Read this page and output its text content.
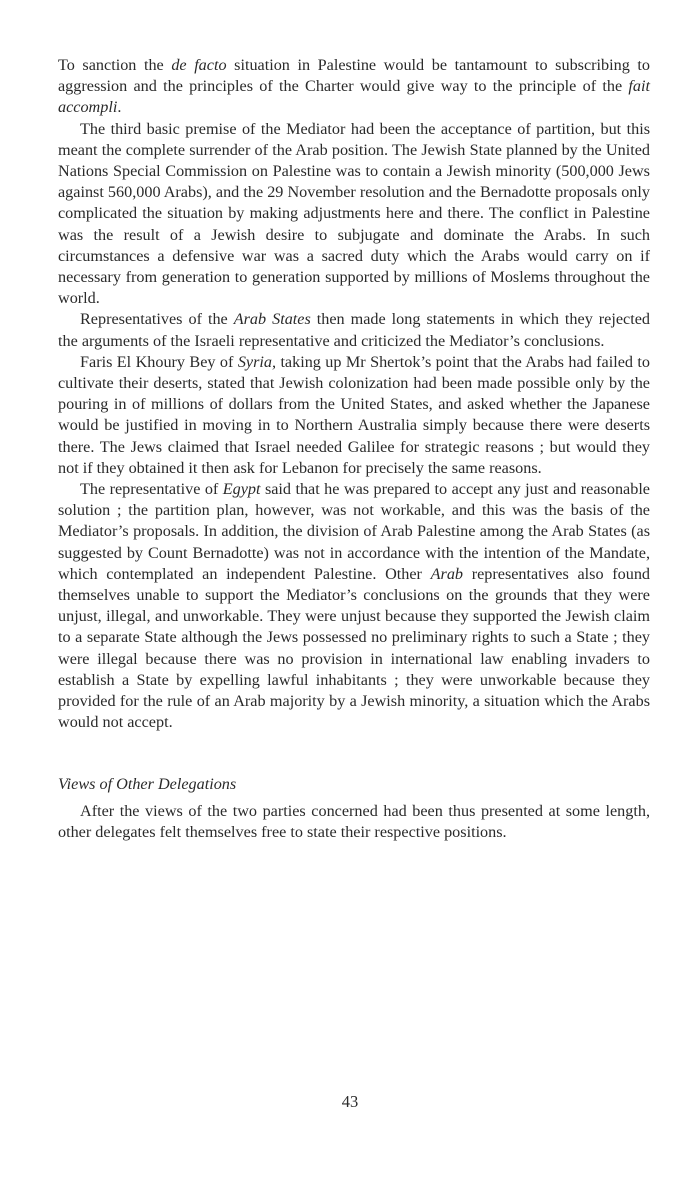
To sanction the de facto situation in Palestine would be tantamount to subscribing to aggression and the principles of the Charter would give way to the principle of the fait accompli.

The third basic premise of the Mediator had been the acceptance of partition, but this meant the complete surrender of the Arab position. The Jewish State planned by the United Nations Special Commission on Palestine was to contain a Jewish minority (500,000 Jews against 560,000 Arabs), and the 29 November resolution and the Bernadotte proposals only complicated the situation by making adjustments here and there. The conflict in Palestine was the result of a Jewish desire to subjugate and dominate the Arabs. In such circumstances a defensive war was a sacred duty which the Arabs would carry on if necessary from generation to generation supported by millions of Moslems throughout the world.

Representatives of the Arab States then made long statements in which they rejected the arguments of the Israeli representative and criticized the Mediator’s conclusions.

Faris El Khoury Bey of Syria, taking up Mr Shertok’s point that the Arabs had failed to cultivate their deserts, stated that Jewish colonization had been made possible only by the pouring in of millions of dollars from the United States, and asked whether the Japanese would be justified in moving in to Northern Australia simply because there were deserts there. The Jews claimed that Israel needed Galilee for strategic reasons ; but would they not if they obtained it then ask for Lebanon for precisely the same reasons.

The representative of Egypt said that he was prepared to accept any just and reasonable solution ; the partition plan, however, was not workable, and this was the basis of the Mediator’s proposals. In addition, the division of Arab Palestine among the Arab States (as suggested by Count Bernadotte) was not in accordance with the intention of the Mandate, which contemplated an independent Palestine. Other Arab representatives also found themselves unable to support the Mediator’s conclusions on the grounds that they were unjust, illegal, and unworkable. They were unjust because they supported the Jewish claim to a separate State although the Jews possessed no preliminary rights to such a State ; they were illegal because there was no provision in international law enabling invaders to establish a State by expelling lawful inhabitants ; they were unworkable because they provided for the rule of an Arab majority by a Jewish minority, a situation which the Arabs would not accept.

Views of Other Delegations

After the views of the two parties concerned had been thus presented at some length, other delegates felt themselves free to state their respective positions.

43
